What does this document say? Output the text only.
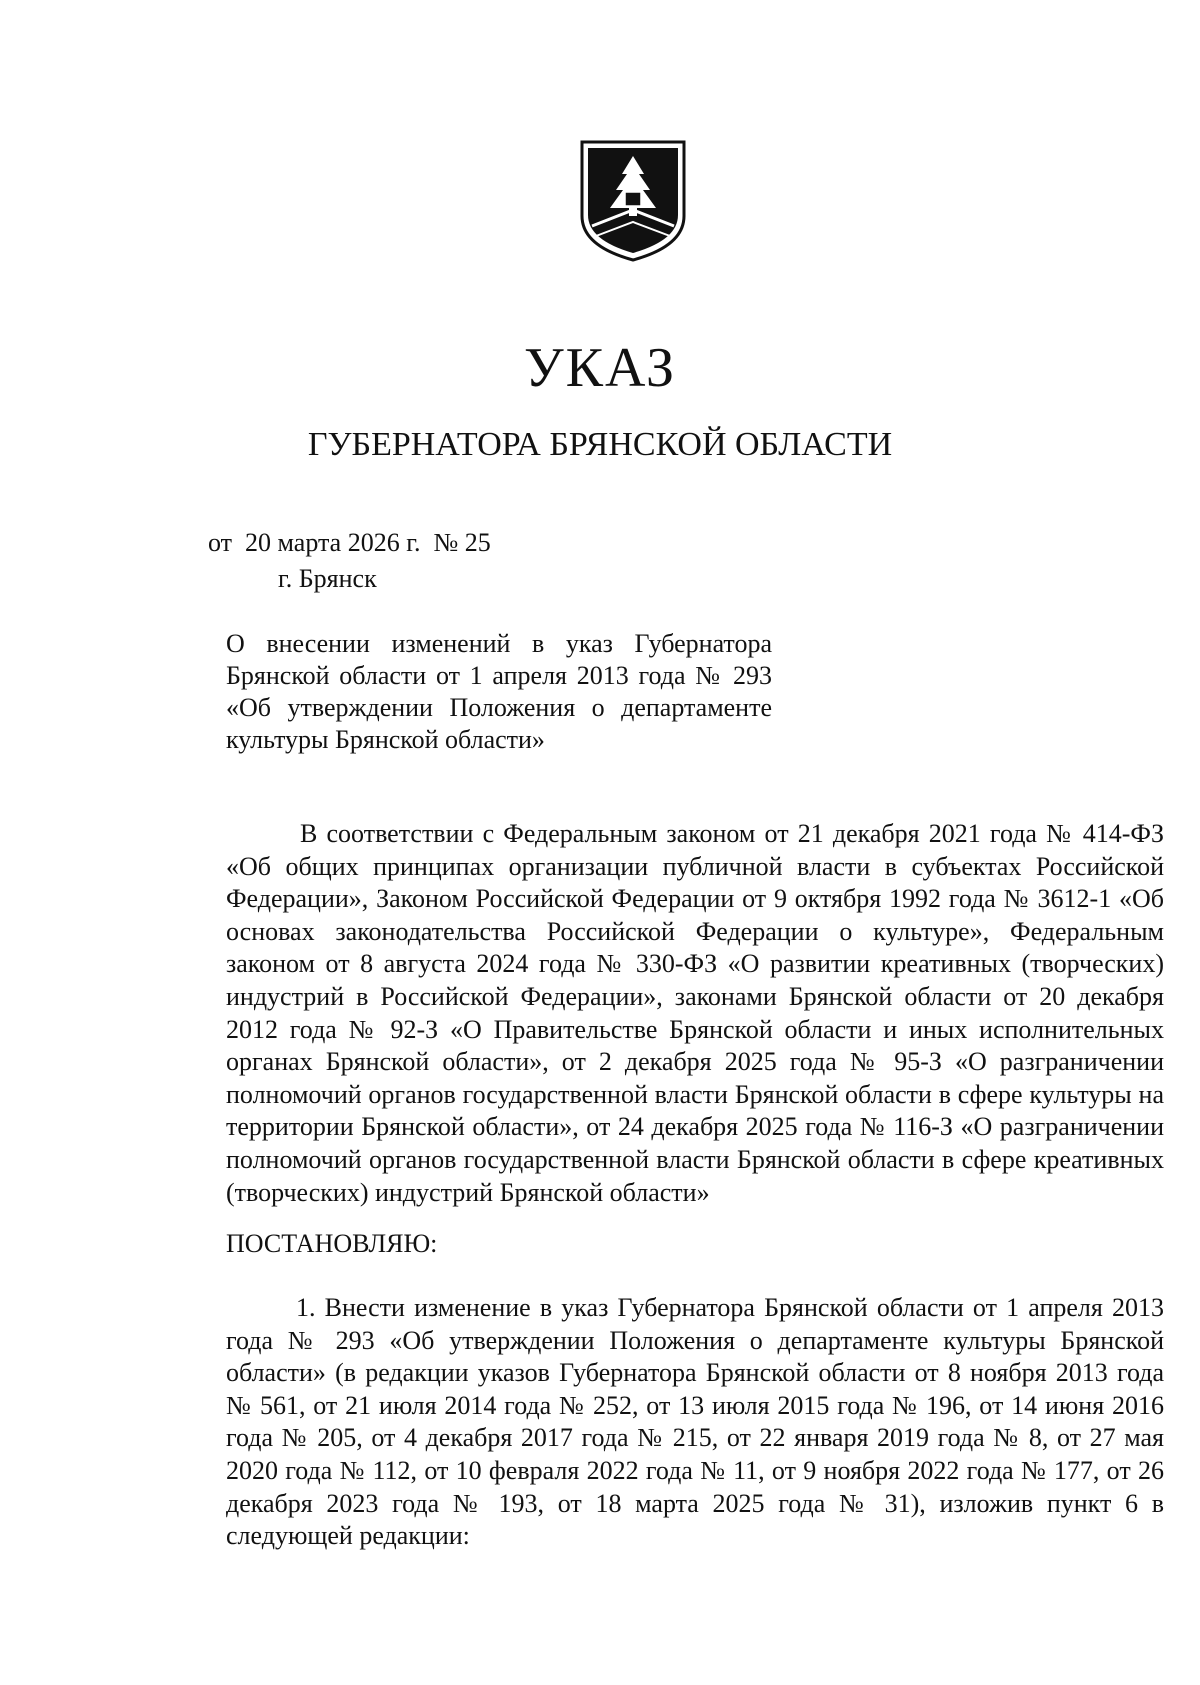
УКАЗ
ГУБЕРНАТОРА БРЯНСКОЙ ОБЛАСТИ
от  20 марта 2026 г.  № 25
г. Брянск
О внесении изменений в указ Губернатора Брянской области от 1 апреля 2013 года № 293 «Об утверждении Положения о департаменте культуры Брянской области»
В соответствии с Федеральным законом от 21 декабря 2021 года № 414-ФЗ «Об общих принципах организации публичной власти в субъектах Российской Федерации», Законом Российской Федерации от 9 октября 1992 года № 3612-1 «Об основах законодательства Российской Федерации о культуре», Федеральным законом от 8 августа 2024 года № 330-ФЗ «О развитии креативных (творческих) индустрий в Российской Федерации», законами Брянской области от 20 декабря 2012 года № 92-З «О Правительстве Брянской области и иных исполнительных органах Брянской области», от 2 декабря 2025 года № 95-З «О разграничении полномочий органов государственной власти Брянской области в сфере культуры на территории Брянской области», от 24 декабря 2025 года № 116-З «О разграничении полномочий органов государственной власти Брянской области в сфере креативных (творческих) индустрий Брянской области»
ПОСТАНОВЛЯЮ:
1. Внести изменение в указ Губернатора Брянской области от 1 апреля 2013 года № 293 «Об утверждении Положения о департаменте культуры Брянской области» (в редакции указов Губернатора Брянской области от 8 ноября 2013 года № 561, от 21 июля 2014 года № 252, от 13 июля 2015 года № 196, от 14 июня 2016 года № 205, от 4 декабря 2017 года № 215, от 22 января 2019 года № 8, от 27 мая 2020 года № 112, от 10 февраля 2022 года № 11, от 9 ноября 2022 года № 177, от 26 декабря 2023 года № 193, от 18 марта 2025 года № 31), изложив пункт 6 в следующей редакции:
